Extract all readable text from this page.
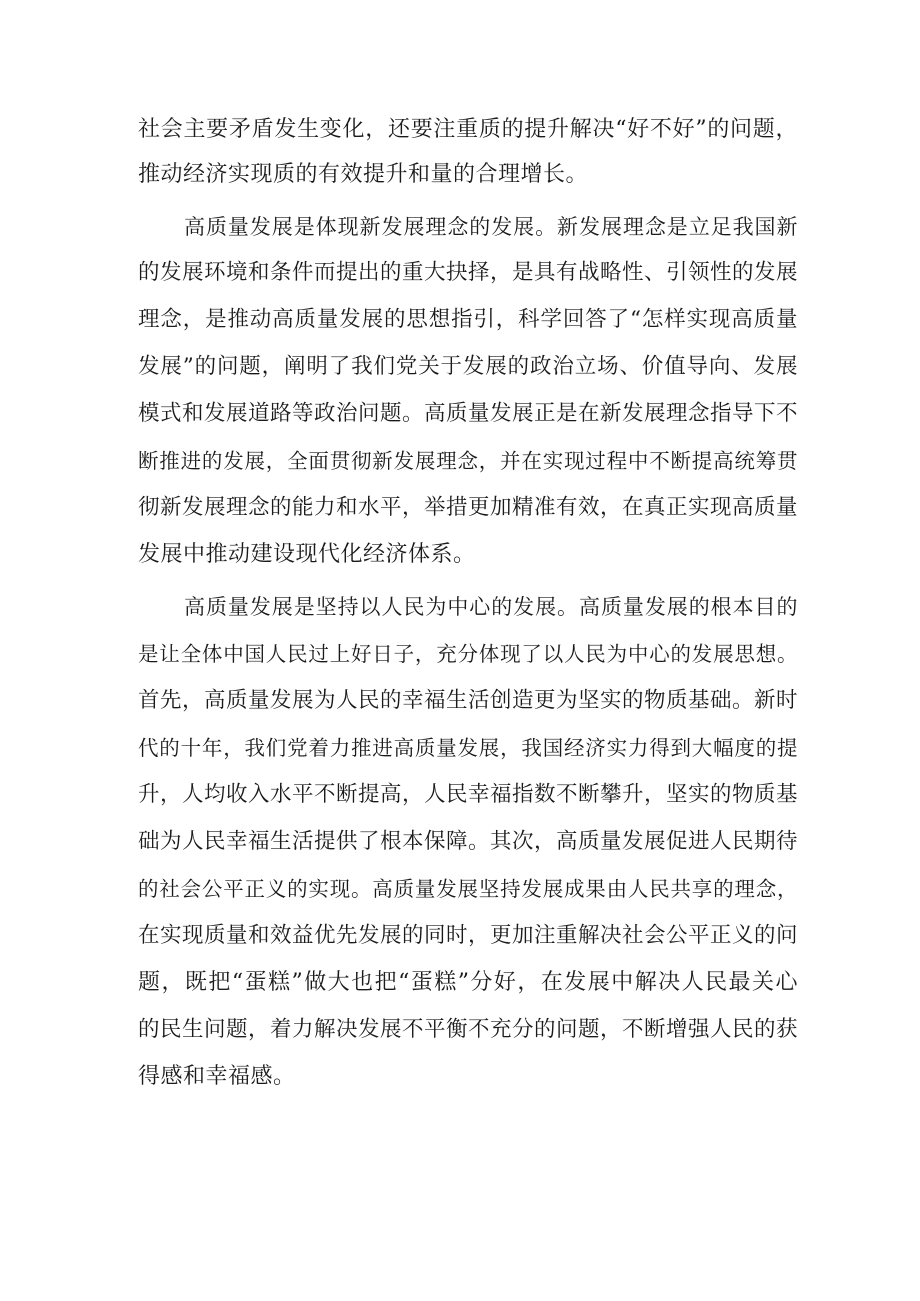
社会主要矛盾发生变化，还要注重质的提升解决“好不好”的问题，
推动经济实现质的有效提升和量的合理增长。
高质量发展是体现新发展理念的发展。新发展理念是立足我国新
的发展环境和条件而提出的重大抉择，是具有战略性、引领性的发展
理念，是推动高质量发展的思想指引，科学回答了“怎样实现高质量
发展”的问题，阐明了我们党关于发展的政治立场、价值导向、发展
模式和发展道路等政治问题。高质量发展正是在新发展理念指导下不
断推进的发展，全面贯彻新发展理念，并在实现过程中不断提高统筹贯
彻新发展理念的能力和水平，举措更加精准有效，在真正实现高质量
发展中推动建设现代化经济体系。
高质量发展是坚持以人民为中心的发展。高质量发展的根本目的
是让全体中国人民过上好日子，充分体现了以人民为中心的发展思想。
首先，高质量发展为人民的幸福生活创造更为坚实的物质基础。新时
代的十年，我们党着力推进高质量发展，我国经济实力得到大幅度的提
升，人均收入水平不断提高，人民幸福指数不断攀升，坚实的物质基
础为人民幸福生活提供了根本保障。其次，高质量发展促进人民期待
的社会公平正义的实现。高质量发展坚持发展成果由人民共享的理念，
在实现质量和效益优先发展的同时，更加注重解决社会公平正义的问
题，既把“蛋糕”做大也把“蛋糕”分好，在发展中解决人民最关心
的民生问题，着力解决发展不平衡不充分的问题，不断增强人民的获
得感和幸福感。
